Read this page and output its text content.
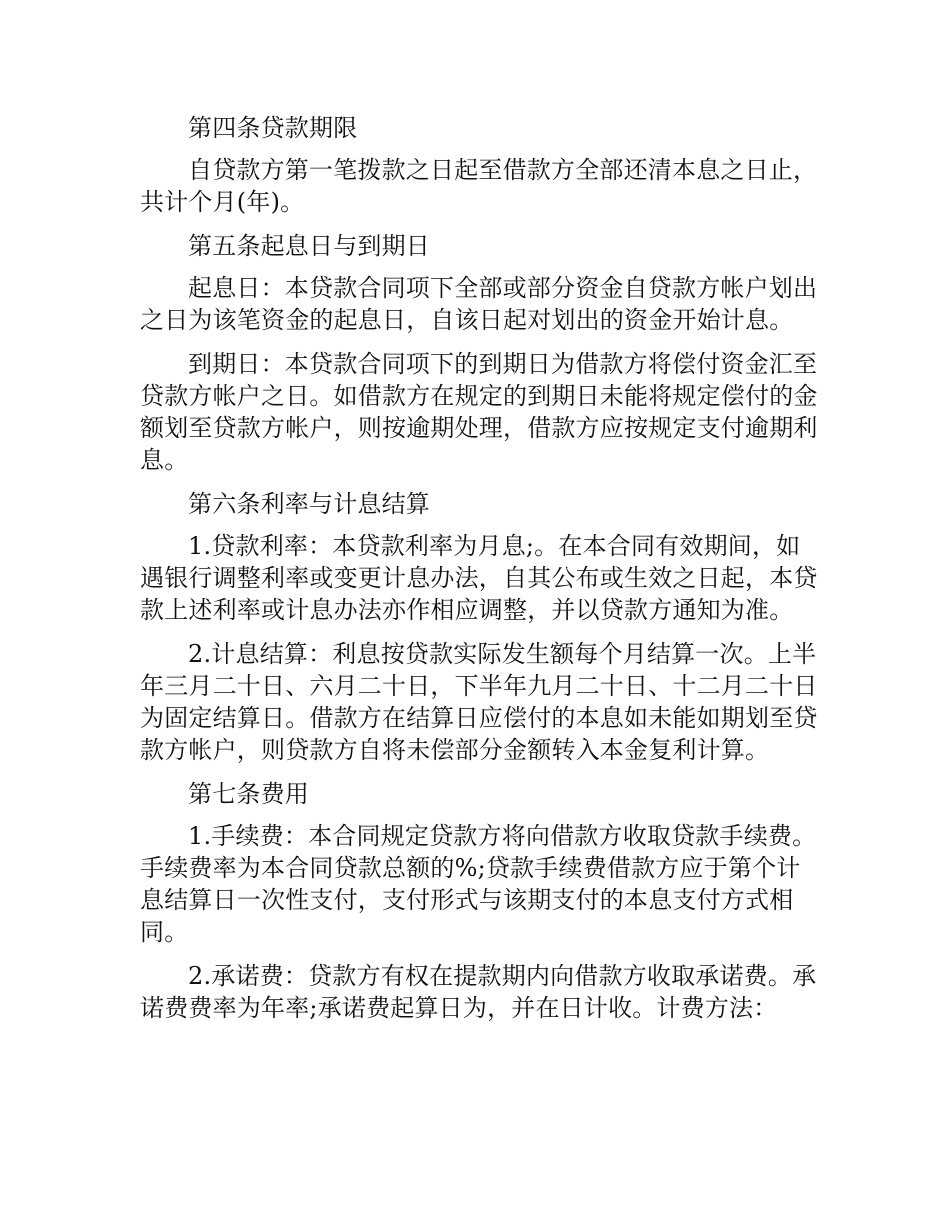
第四条贷款期限

自贷款方第一笔拨款之日起至借款方全部还清本息之日止，共计个月(年)。

第五条起息日与到期日

起息日：本贷款合同项下全部或部分资金自贷款方帐户划出之日为该笔资金的起息日，自该日起对划出的资金开始计息。

到期日：本贷款合同项下的到期日为借款方将偿付资金汇至贷款方帐户之日。如借款方在规定的到期日未能将规定偿付的金额划至贷款方帐户，则按逾期处理，借款方应按规定支付逾期利息。

第六条利率与计息结算

1.贷款利率：本贷款利率为月息;。在本合同有效期间，如遇银行调整利率或变更计息办法，自其公布或生效之日起，本贷款上述利率或计息办法亦作相应调整，并以贷款方通知为准。

2.计息结算：利息按贷款实际发生额每个月结算一次。上半年三月二十日、六月二十日，下半年九月二十日、十二月二十日为固定结算日。借款方在结算日应偿付的本息如未能如期划至贷款方帐户，则贷款方自将未偿部分金额转入本金复利计算。

第七条费用

1.手续费：本合同规定贷款方将向借款方收取贷款手续费。手续费率为本合同贷款总额的%;贷款手续费借款方应于第个计息结算日一次性支付，支付形式与该期支付的本息支付方式相同。

2.承诺费：贷款方有权在提款期内向借款方收取承诺费。承诺费费率为年率;承诺费起算日为，并在日计收。计费方法：
